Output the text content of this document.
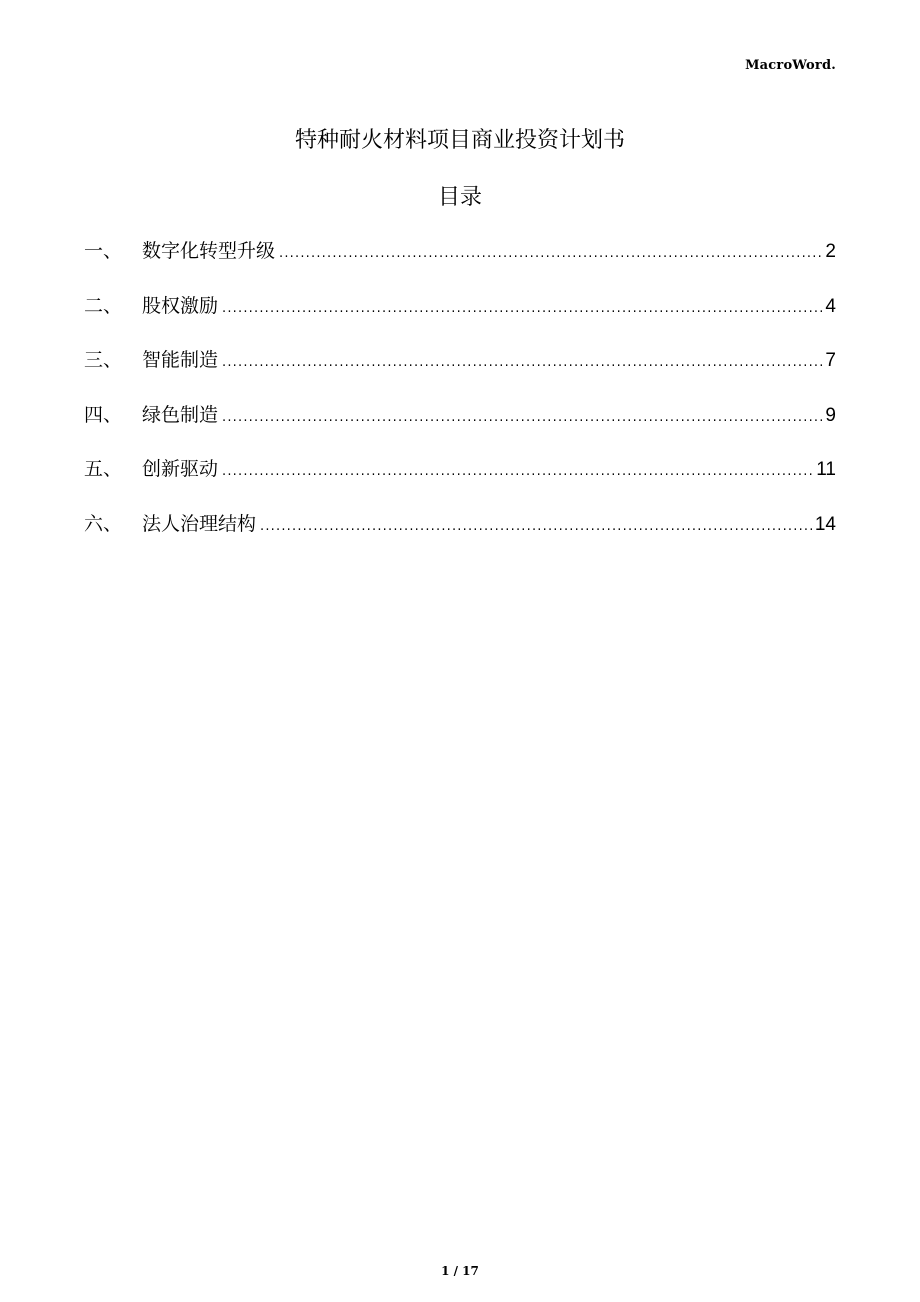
MacroWord.
特种耐火材料项目商业投资计划书
目录
一、	数字化转型升级 .....	2
二、	股权激励 .....	4
三、	智能制造 .....	7
四、	绿色制造 .....	9
五、	创新驱动 .....	11
六、	法人治理结构 .....	14
1 / 17
